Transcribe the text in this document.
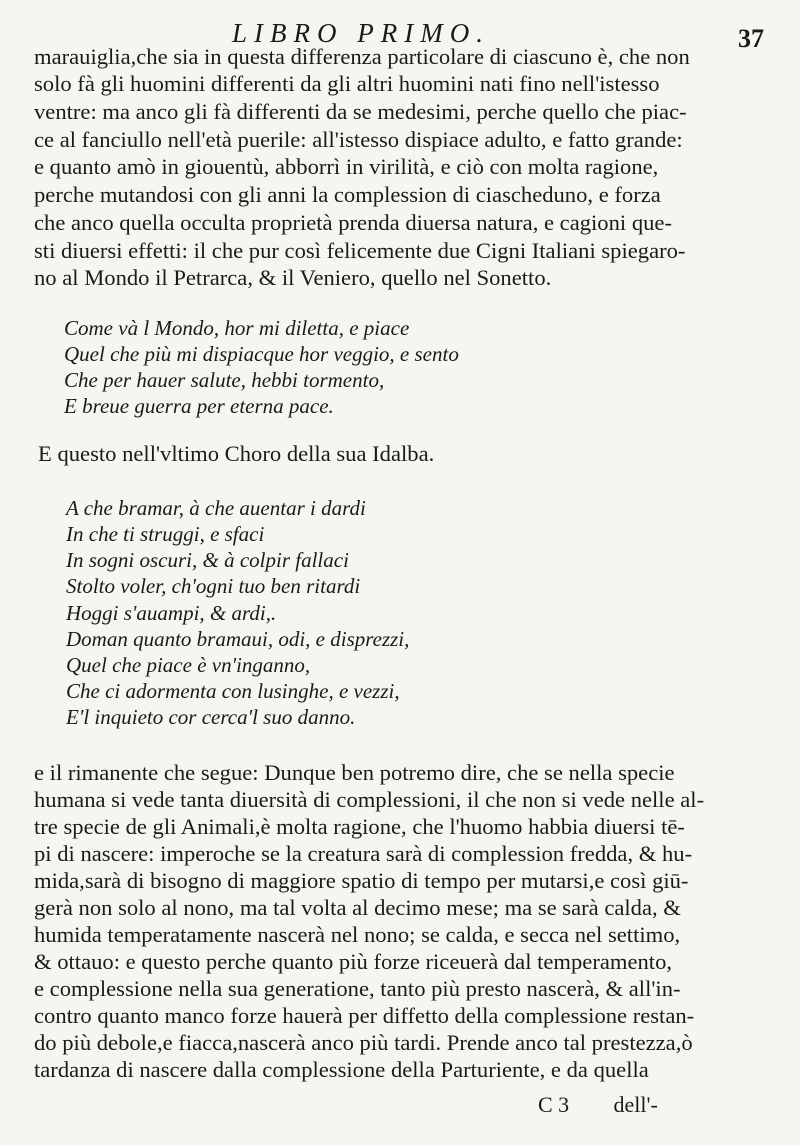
LIBRO PRIMO.	37
marauiglia,che sia in questa differenza particolare di ciascuno è, che non
solo fà gli huomini differenti da gli altri huomini nati fino nell'istesso
ventre: ma anco gli fà differenti da se medesimi, perche quello che piac-
ce al fanciullo nell'età puerile: all'istesso dispiace adulto, e fatto grande:
e quanto amò in giouentù, abborrì in virilità, e ciò con molta ragione,
perche mutandosi con gli anni la complession di ciascheduno, e forza
che anco quella occulta proprietà prenda diuersa natura, e cagioni que-
sti diuersi effetti: il che pur così felicemente due Cigni Italiani spiegaro-
no al Mondo il Petrarca, & il Veniero, quello nel Sonetto.
Come và l Mondo, hor mi diletta, e piace
Quel che più mi dispiacque hor veggio, e sento
Che per hauer salute, hebbi tormento,
E breue guerra per eterna pace.
E questo nell'vltimo Choro della sua Idalba.
A che bramar, à che auentar i dardi
In che ti struggi, e sfaci
In sogni oscuri, & à colpir fallaci
Stolto voler, ch'ogni tuo ben ritardi
Hoggi s'auampi, & ardi,.
Doman quanto bramaui, odi, e disprezzi,
Quel che piace è vn'inganno,
Che ci adormenta con lusinghe, e vezzi,
E'l inquieto cor cerca'l suo danno.
e il rimanente che segue: Dunque ben potremo dire, che se nella specie
humana si vede tanta diuersità di complessioni, il che non si vede nelle al-
tre specie de gli Animali,è molta ragione, che l'huomo habbia diuersi tē-
pi di nascere: imperoche se la creatura sarà di complession fredda, & hu-
mida,sarà di bisogno di maggiore spatio di tempo per mutarsi,e così giū-
gerà non solo al nono, ma tal volta al decimo mese; ma se sarà calda, &
humida temperatamente nascerà nel nono; se calda, e secca nel settimo,
& ottauo: e questo perche quanto più forze riceuerà dal temperamento,
e complessione nella sua generatione, tanto più presto nascerà, & all'in-
contro quanto manco forze hauerà per diffetto della complessione restan-
do più debole,e fiacca,nascerà anco più tardi. Prende anco tal prestezza,ò
tardanza di nascere dalla complessione della Parturiente, e da quella
C 3 dell'-
